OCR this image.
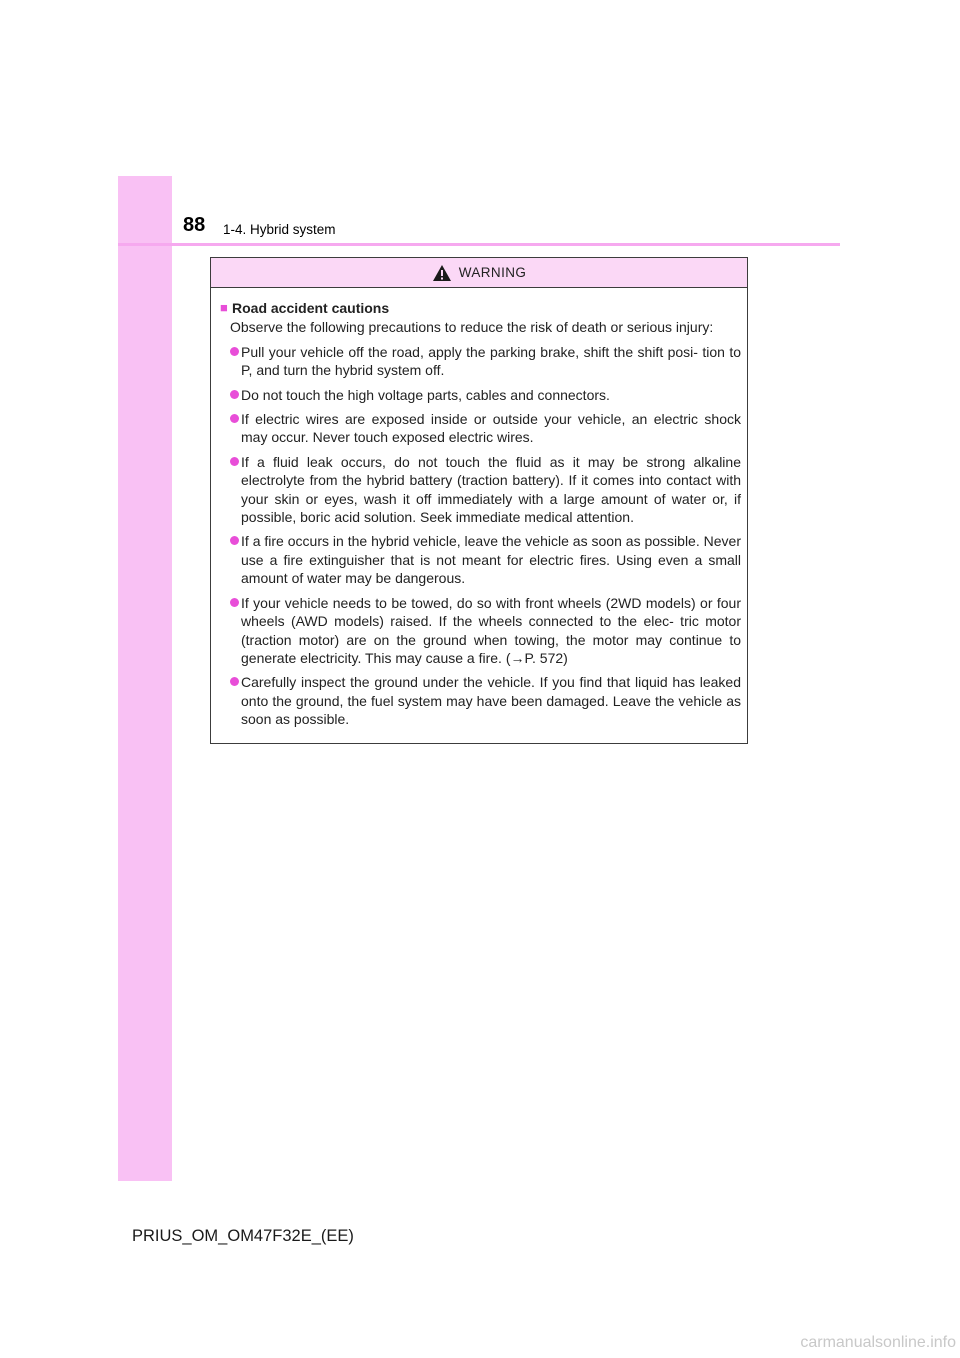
88 1-4. Hybrid system
WARNING
■ Road accident cautions
Observe the following precautions to reduce the risk of death or serious injury:
Pull your vehicle off the road, apply the parking brake, shift the shift posi- tion to P, and turn the hybrid system off.
Do not touch the high voltage parts, cables and connectors.
If electric wires are exposed inside or outside your vehicle, an electric shock may occur. Never touch exposed electric wires.
If a fluid leak occurs, do not touch the fluid as it may be strong alkaline electrolyte from the hybrid battery (traction battery). If it comes into contact with your skin or eyes, wash it off immediately with a large amount of water or, if possible, boric acid solution. Seek immediate medical attention.
If a fire occurs in the hybrid vehicle, leave the vehicle as soon as possible. Never use a fire extinguisher that is not meant for electric fires. Using even a small amount of water may be dangerous.
If your vehicle needs to be towed, do so with front wheels (2WD models) or four wheels (AWD models) raised. If the wheels connected to the elec- tric motor (traction motor) are on the ground when towing, the motor may continue to generate electricity. This may cause a fire. (→P. 572)
Carefully inspect the ground under the vehicle. If you find that liquid has leaked onto the ground, the fuel system may have been damaged. Leave the vehicle as soon as possible.
PRIUS_OM_OM47F32E_(EE)
carmanualsonline.info
